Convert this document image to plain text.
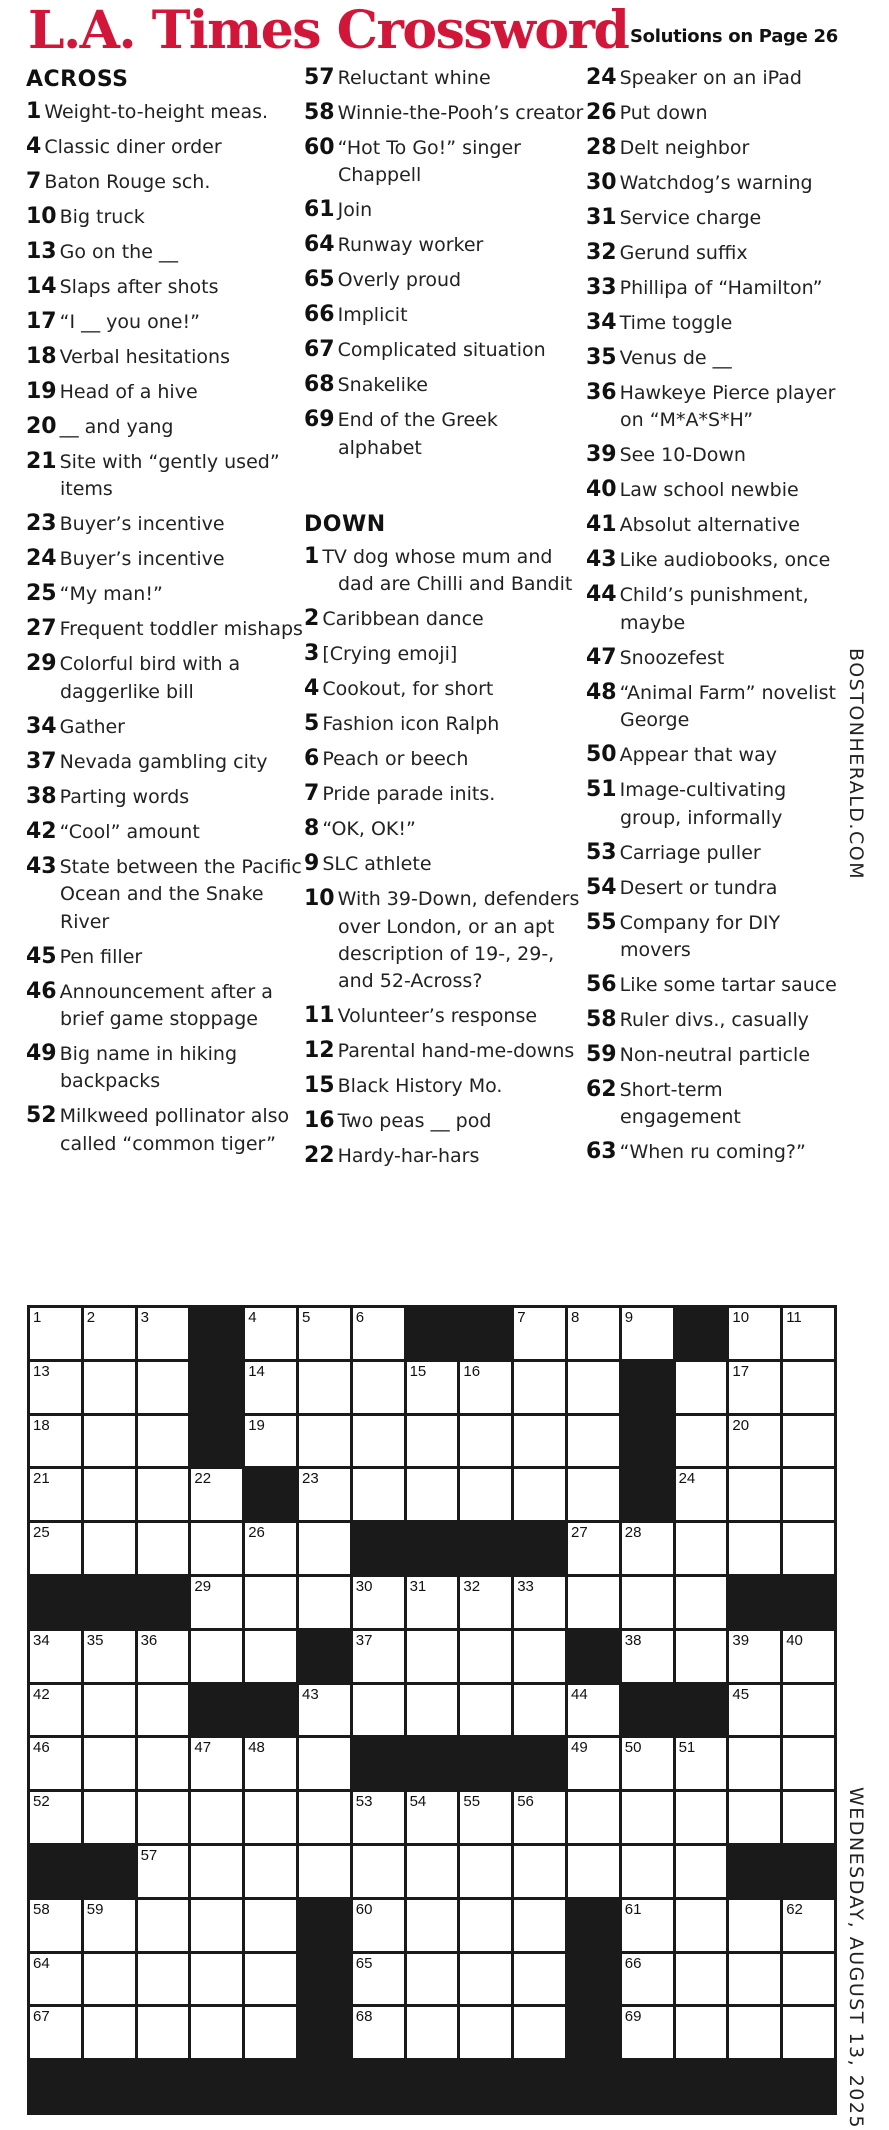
L.A. Times Crossword Solutions on Page 26
ACROSS
1 Weight-to-height meas.
4 Classic diner order
7 Baton Rouge sch.
10 Big truck
13 Go on the __
14 Slaps after shots
17 “I __ you one!”
18 Verbal hesitations
19 Head of a hive
20 __ and yang
21 Site with “gently used” items
23 Buyer’s incentive
24 Buyer’s incentive
25 “My man!”
27 Frequent toddler mishaps
29 Colorful bird with a daggerlike bill
34 Gather
37 Nevada gambling city
38 Parting words
42 “Cool” amount
43 State between the Pacific Ocean and the Snake River
45 Pen filler
46 Announcement after a brief game stoppage
49 Big name in hiking backpacks
52 Milkweed pollinator also called “common tiger”
57 Reluctant whine
58 Winnie-the-Pooh’s creator
60 “Hot To Go!” singer Chappell
61 Join
64 Runway worker
65 Overly proud
66 Implicit
67 Complicated situation
68 Snakelike
69 End of the Greek alphabet
DOWN
1 TV dog whose mum and dad are Chilli and Bandit
2 Caribbean dance
3 [Crying emoji]
4 Cookout, for short
5 Fashion icon Ralph
6 Peach or beech
7 Pride parade inits.
8 “OK, OK!”
9 SLC athlete
10 With 39-Down, defenders over London, or an apt description of 19-, 29-, and 52-Across?
11 Volunteer’s response
12 Parental hand-me-downs
15 Black History Mo.
16 Two peas __ pod
22 Hardy-har-hars
24 Speaker on an iPad
26 Put down
28 Delt neighbor
30 Watchdog’s warning
31 Service charge
32 Gerund suffix
33 Phillipa of “Hamilton”
34 Time toggle
35 Venus de __
36 Hawkeye Pierce player on “M*A*S*H”
39 See 10-Down
40 Law school newbie
41 Absolut alternative
43 Like audiobooks, once
44 Child’s punishment, maybe
47 Snoozefest
48 “Animal Farm” novelist George
50 Appear that way
51 Image-cultivating group, informally
53 Carriage puller
54 Desert or tundra
55 Company for DIY movers
56 Like some tartar sauce
58 Ruler divs., casually
59 Non-neutral particle
62 Short-term engagement
63 “When ru coming?”
BOSTONHERALD.COM
WEDNESDAY, AUGUST 13, 2025
1	2	3	4	5	6	7	8	9	10 11
13	14	15 16	17
18	19	20
21	22	23	24
25	26	27 28
29	30 31 32 33
34 35 36	37	38	39 40
42	43	44	45
46	47 48	49 50 51
52	53 54 55 56
57
58 59	60	61	62
64	65	66
67	68	69
